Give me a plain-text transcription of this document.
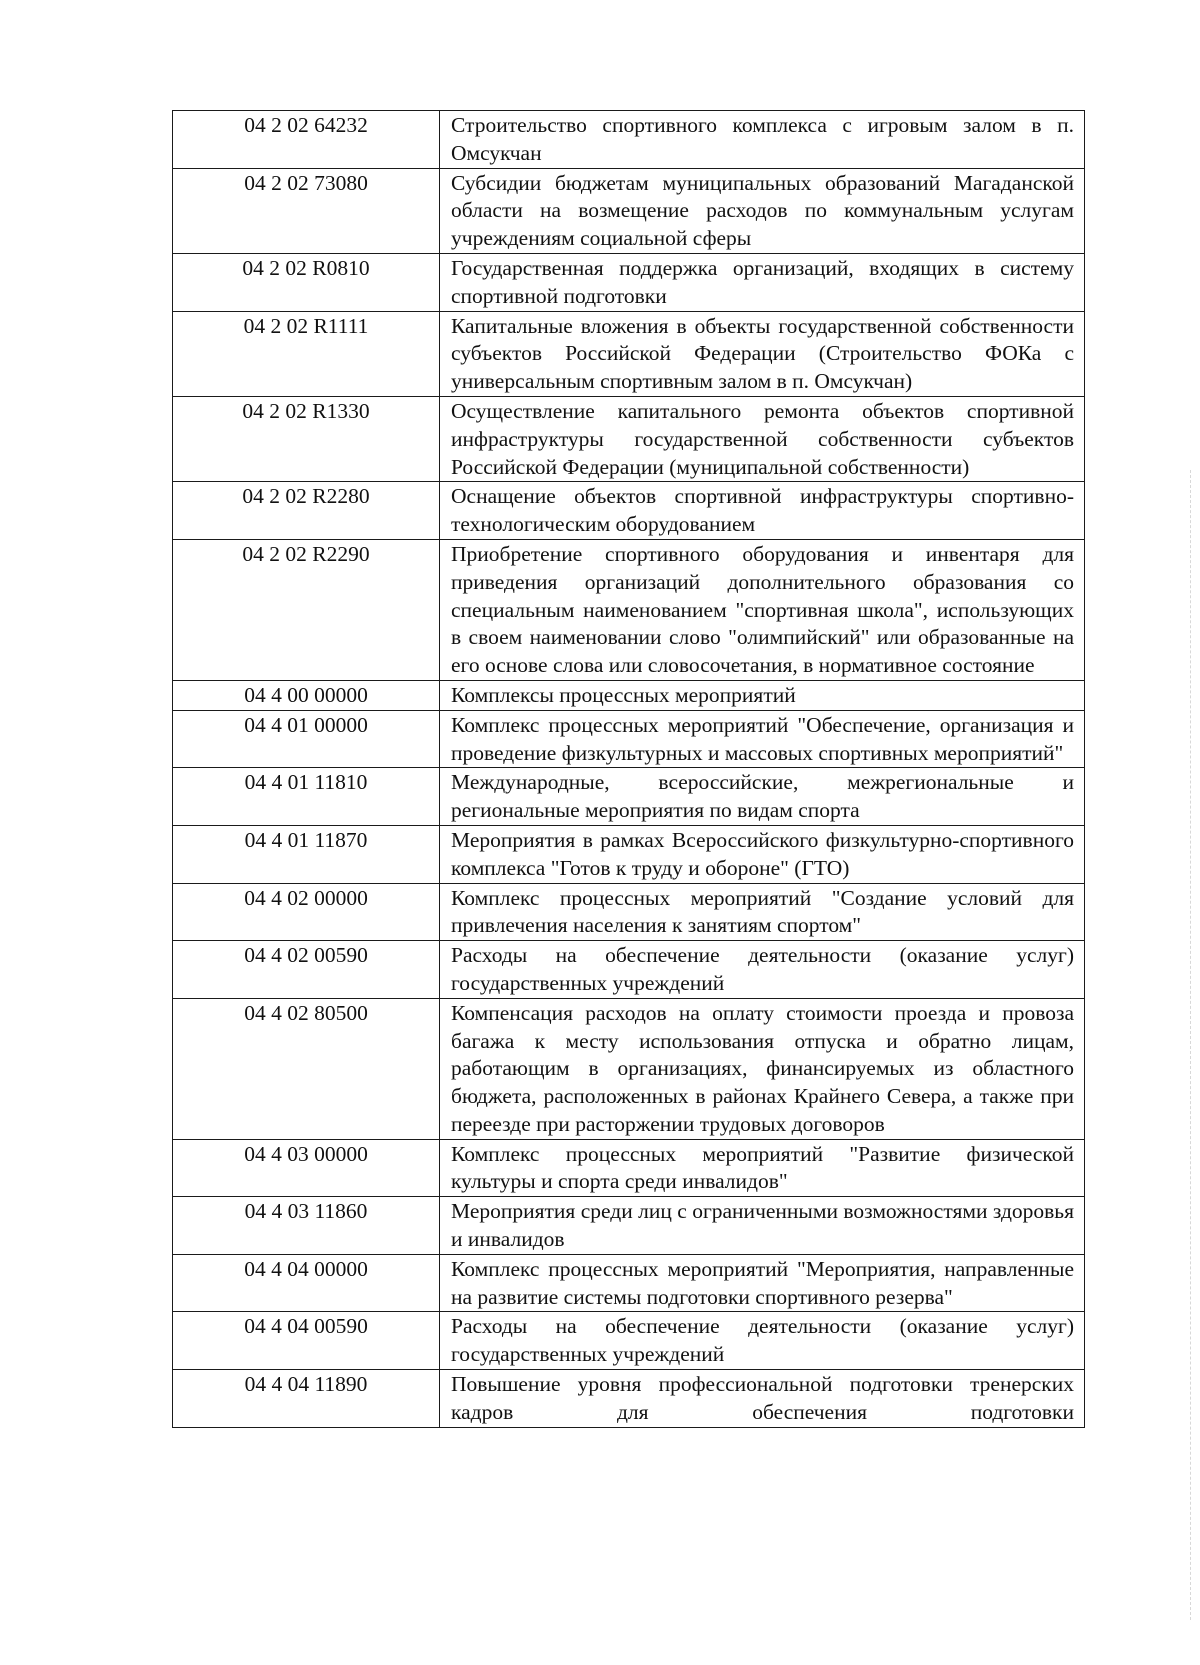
04 2 02 64232	Строительство спортивного комплекса с игровым залом в п. Омсукчан
04 2 02 73080	Субсидии бюджетам муниципальных образований Магаданской области на возмещение расходов по коммунальным услугам учреждениям социальной сферы
04 2 02 R0810	Государственная поддержка организаций, входящих в систему спортивной подготовки
04 2 02 R1111	Капитальные вложения в объекты государственной собственности субъектов Российской Федерации (Строительство ФОКа с универсальным спортивным залом в п. Омсукчан)
04 2 02 R1330	Осуществление капитального ремонта объектов спортивной инфраструктуры государственной собственности субъектов Российской Федерации (муниципальной собственности)
04 2 02 R2280	Оснащение объектов спортивной инфраструктуры спортивно-технологическим оборудованием
04 2 02 R2290	Приобретение спортивного оборудования и инвентаря для приведения организаций дополнительного образования со специальным наименованием "спортивная школа", использующих в своем наименовании слово "олимпийский" или образованные на его основе слова или словосочетания, в нормативное состояние
04 4 00 00000	Комплексы процессных мероприятий
04 4 01 00000	Комплекс процессных мероприятий "Обеспечение, организация и проведение физкультурных и массовых спортивных мероприятий"
04 4 01 11810	Международные, всероссийские, межрегиональные и региональные мероприятия по видам спорта
04 4 01 11870	Мероприятия в рамках Всероссийского физкультурно-спортивного комплекса "Готов к труду и обороне" (ГТО)
04 4 02 00000	Комплекс процессных мероприятий "Создание условий для привлечения населения к занятиям спортом"
04 4 02 00590	Расходы на обеспечение деятельности (оказание услуг) государственных учреждений
04 4 02 80500	Компенсация расходов на оплату стоимости проезда и провоза багажа к месту использования отпуска и обратно лицам, работающим в организациях, финансируемых из областного бюджета, расположенных в районах Крайнего Севера, а также при переезде при расторжении трудовых договоров
04 4 03 00000	Комплекс процессных мероприятий "Развитие физической культуры и спорта среди инвалидов"
04 4 03 11860	Мероприятия среди лиц с ограниченными возможностями здоровья и инвалидов
04 4 04 00000	Комплекс процессных мероприятий "Мероприятия, направленные на развитие системы подготовки спортивного резерва"
04 4 04 00590	Расходы на обеспечение деятельности (оказание услуг) государственных учреждений
04 4 04 11890	Повышение уровня профессиональной подготовки тренерских кадров для обеспечения подготовки
